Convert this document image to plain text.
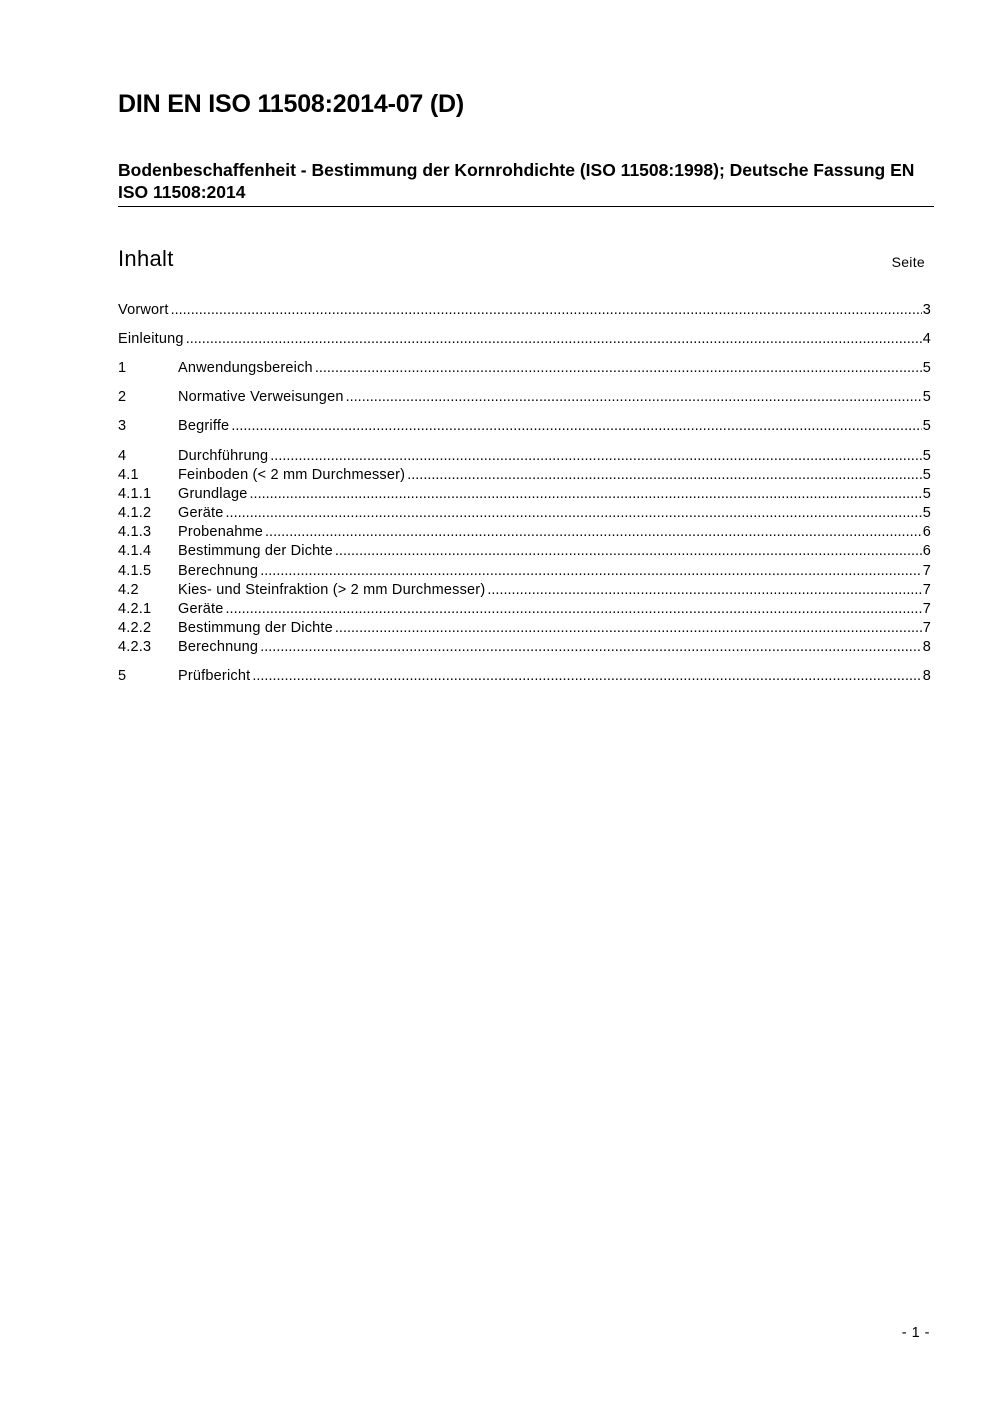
DIN EN ISO 11508:2014-07 (D)
Bodenbeschaffenheit - Bestimmung der Kornrohdichte (ISO 11508:1998); Deutsche Fassung EN ISO 11508:2014
Inhalt	Seite
Vorwort .....	3
Einleitung .....	4
1	Anwendungsbereich .....	5
2	Normative Verweisungen .....	5
3	Begriffe .....	5
4	Durchführung .....	5
4.1	Feinboden (< 2 mm Durchmesser) .....	5
4.1.1	Grundlage .....	5
4.1.2	Geräte .....	5
4.1.3	Probenahme .....	6
4.1.4	Bestimmung der Dichte .....	6
4.1.5	Berechnung .....	7
4.2	Kies- und Steinfraktion (> 2 mm Durchmesser) .....	7
4.2.1	Geräte .....	7
4.2.2	Bestimmung der Dichte .....	7
4.2.3	Berechnung .....	8
5	Prüfbericht .....	8
- 1 -
